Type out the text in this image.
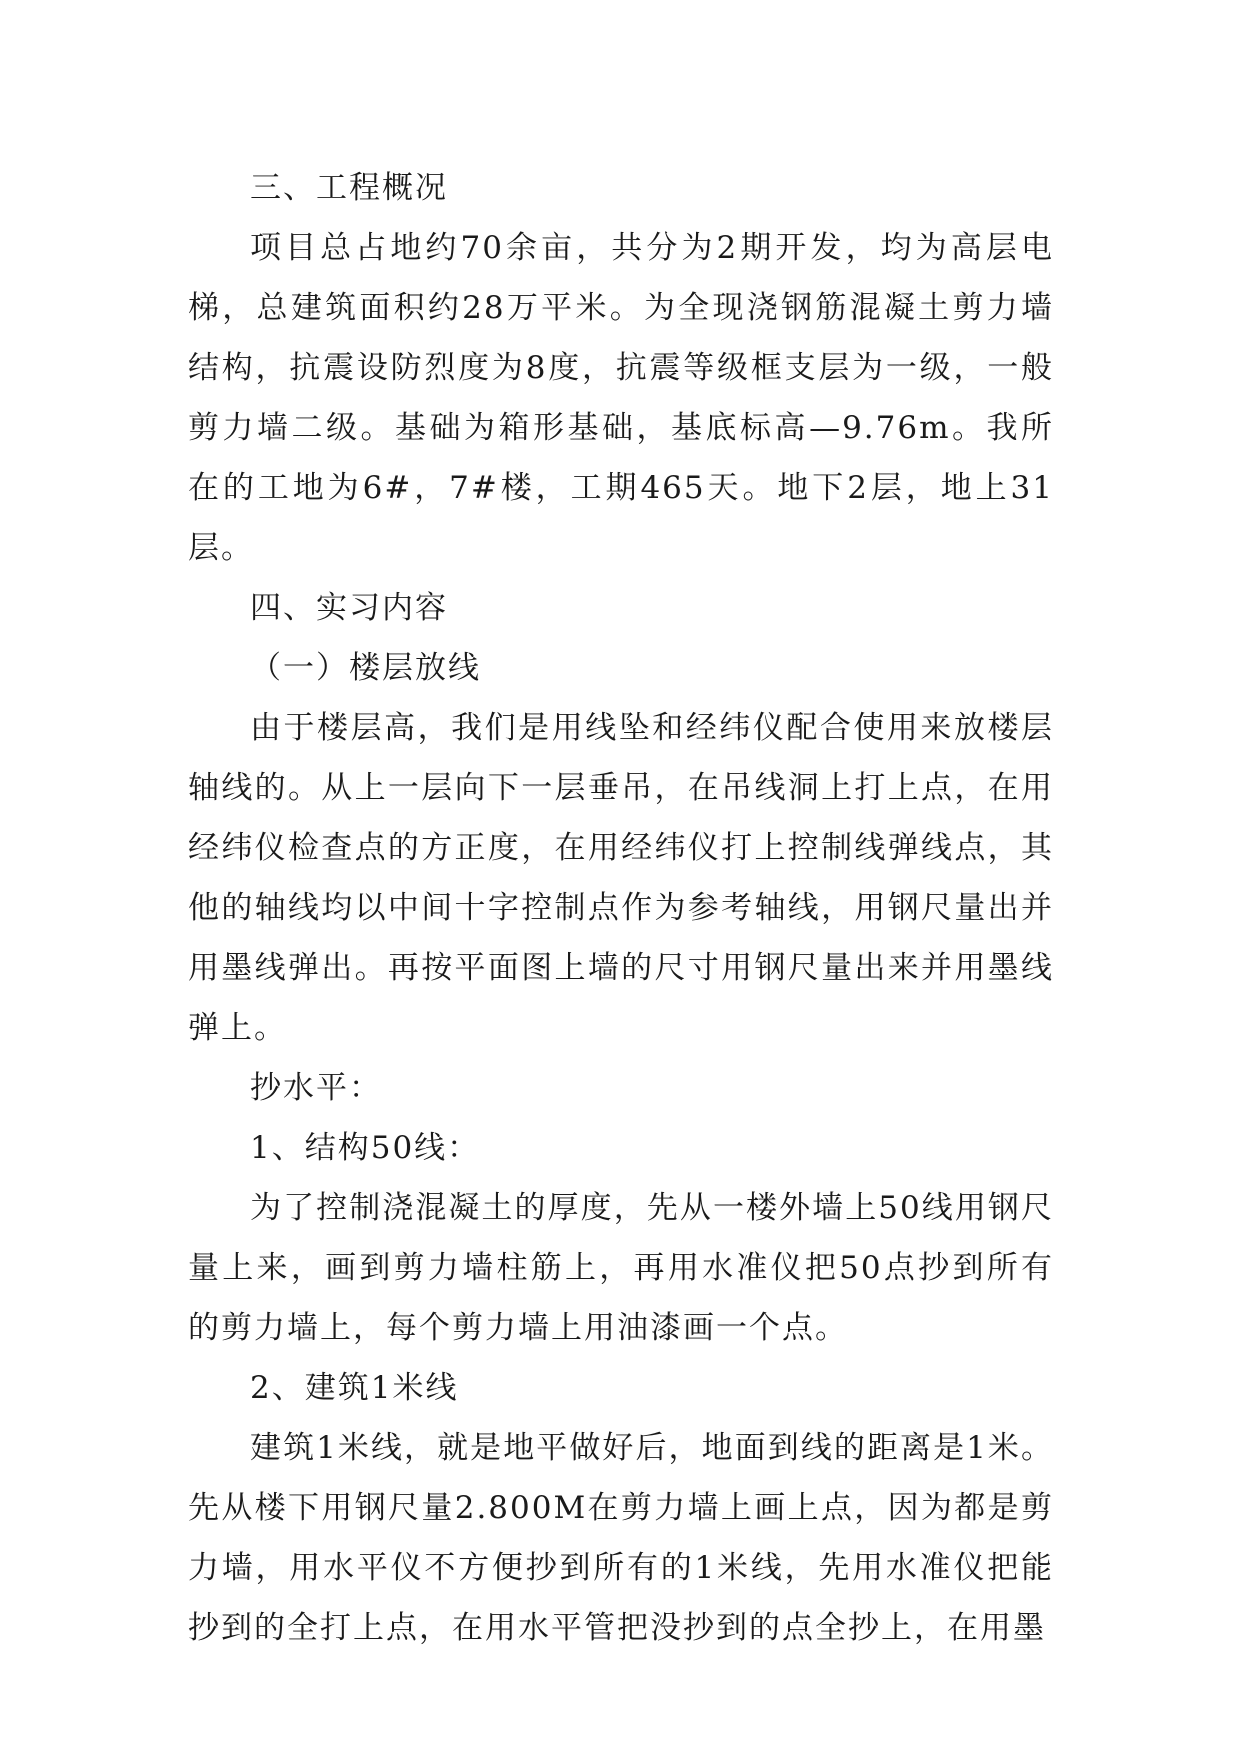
三、工程概况

项目总占地约70余亩，共分为2期开发，均为高层电梯，总建筑面积约28万平米。为全现浇钢筋混凝土剪力墙结构，抗震设防烈度为8度，抗震等级框支层为一级，一般剪力墙二级。基础为箱形基础，基底标高—9.76m。我所在的工地为6#，7#楼，工期465天。地下2层，地上31层。

四、实习内容

（一）楼层放线

由于楼层高，我们是用线坠和经纬仪配合使用来放楼层轴线的。从上一层向下一层垂吊，在吊线洞上打上点，在用经纬仪检查点的方正度，在用经纬仪打上控制线弹线点，其他的轴线均以中间十字控制点作为参考轴线，用钢尺量出并用墨线弹出。再按平面图上墙的尺寸用钢尺量出来并用墨线弹上。

抄水平：

1、结构50线：

为了控制浇混凝土的厚度，先从一楼外墙上50线用钢尺量上来，画到剪力墙柱筋上，再用水准仪把50点抄到所有的剪力墙上，每个剪力墙上用油漆画一个点。

2、建筑1米线

建筑1米线，就是地平做好后，地面到线的距离是1米。先从楼下用钢尺量2.800M在剪力墙上画上点，因为都是剪力墙，用水平仪不方便抄到所有的1米线，先用水准仪把能抄到的全打上点，在用水平管把没抄到的点全抄上，在用墨
